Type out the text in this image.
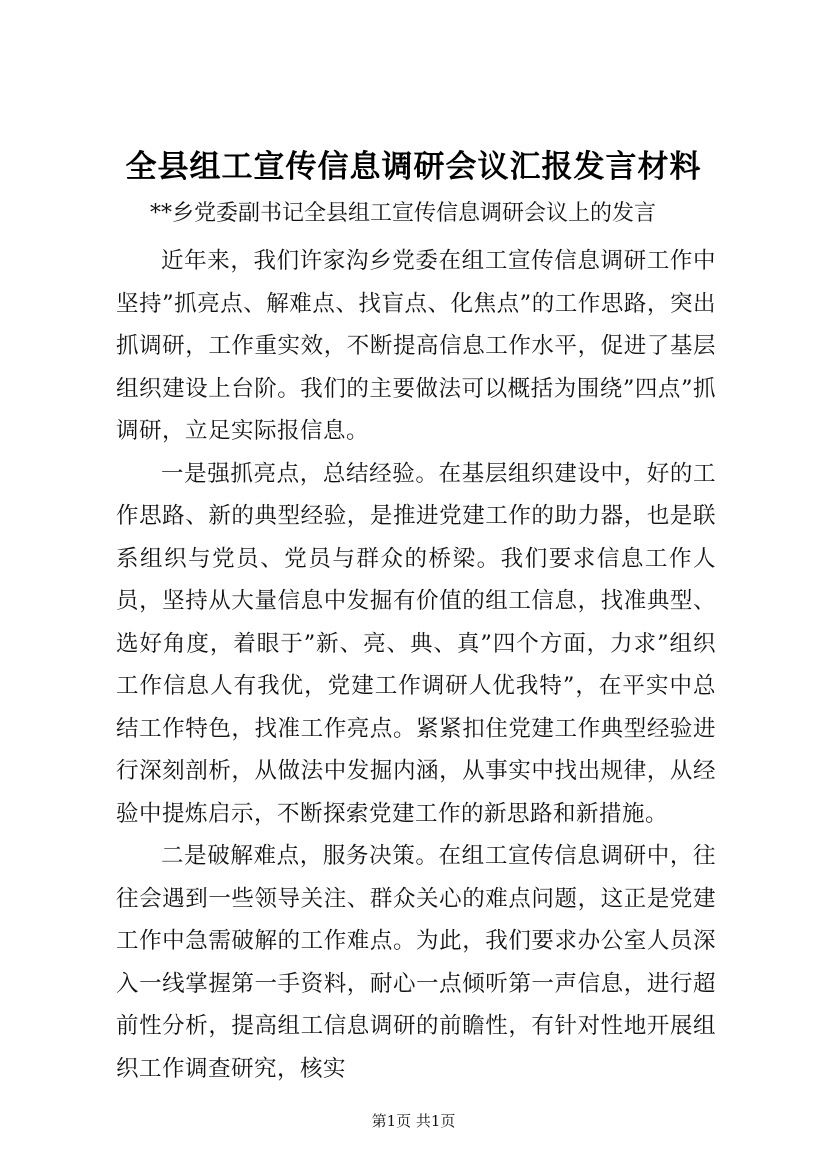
全县组工宣传信息调研会议汇报发言材料
**乡党委副书记全县组工宣传信息调研会议上的发言

近年来，我们许家沟乡党委在组工宣传信息调研工作中坚持”抓亮点、解难点、找盲点、化焦点”的工作思路，突出抓调研，工作重实效，不断提高信息工作水平，促进了基层组织建设上台阶。我们的主要做法可以概括为围绕”四点”抓调研，立足实际报信息。

一是强抓亮点，总结经验。在基层组织建设中，好的工作思路、新的典型经验，是推进党建工作的助力器，也是联系组织与党员、党员与群众的桥梁。我们要求信息工作人员，坚持从大量信息中发掘有价值的组工信息，找准典型、选好角度，着眼于”新、亮、典、真”四个方面，力求”组织工作信息人有我优，党建工作调研人优我特”，在平实中总结工作特色，找准工作亮点。紧紧扣住党建工作典型经验进行深刻剖析，从做法中发掘内涵，从事实中找出规律，从经验中提炼启示，不断探索党建工作的新思路和新措施。

二是破解难点，服务决策。在组工宣传信息调研中，往往会遇到一些领导关注、群众关心的难点问题，这正是党建工作中急需破解的工作难点。为此，我们要求办公室人员深入一线掌握第一手资料，耐心一点倾听第一声信息，进行超前性分析，提高组工信息调研的前瞻性，有针对性地开展组织工作调查研究，核实

第1页 共1页
